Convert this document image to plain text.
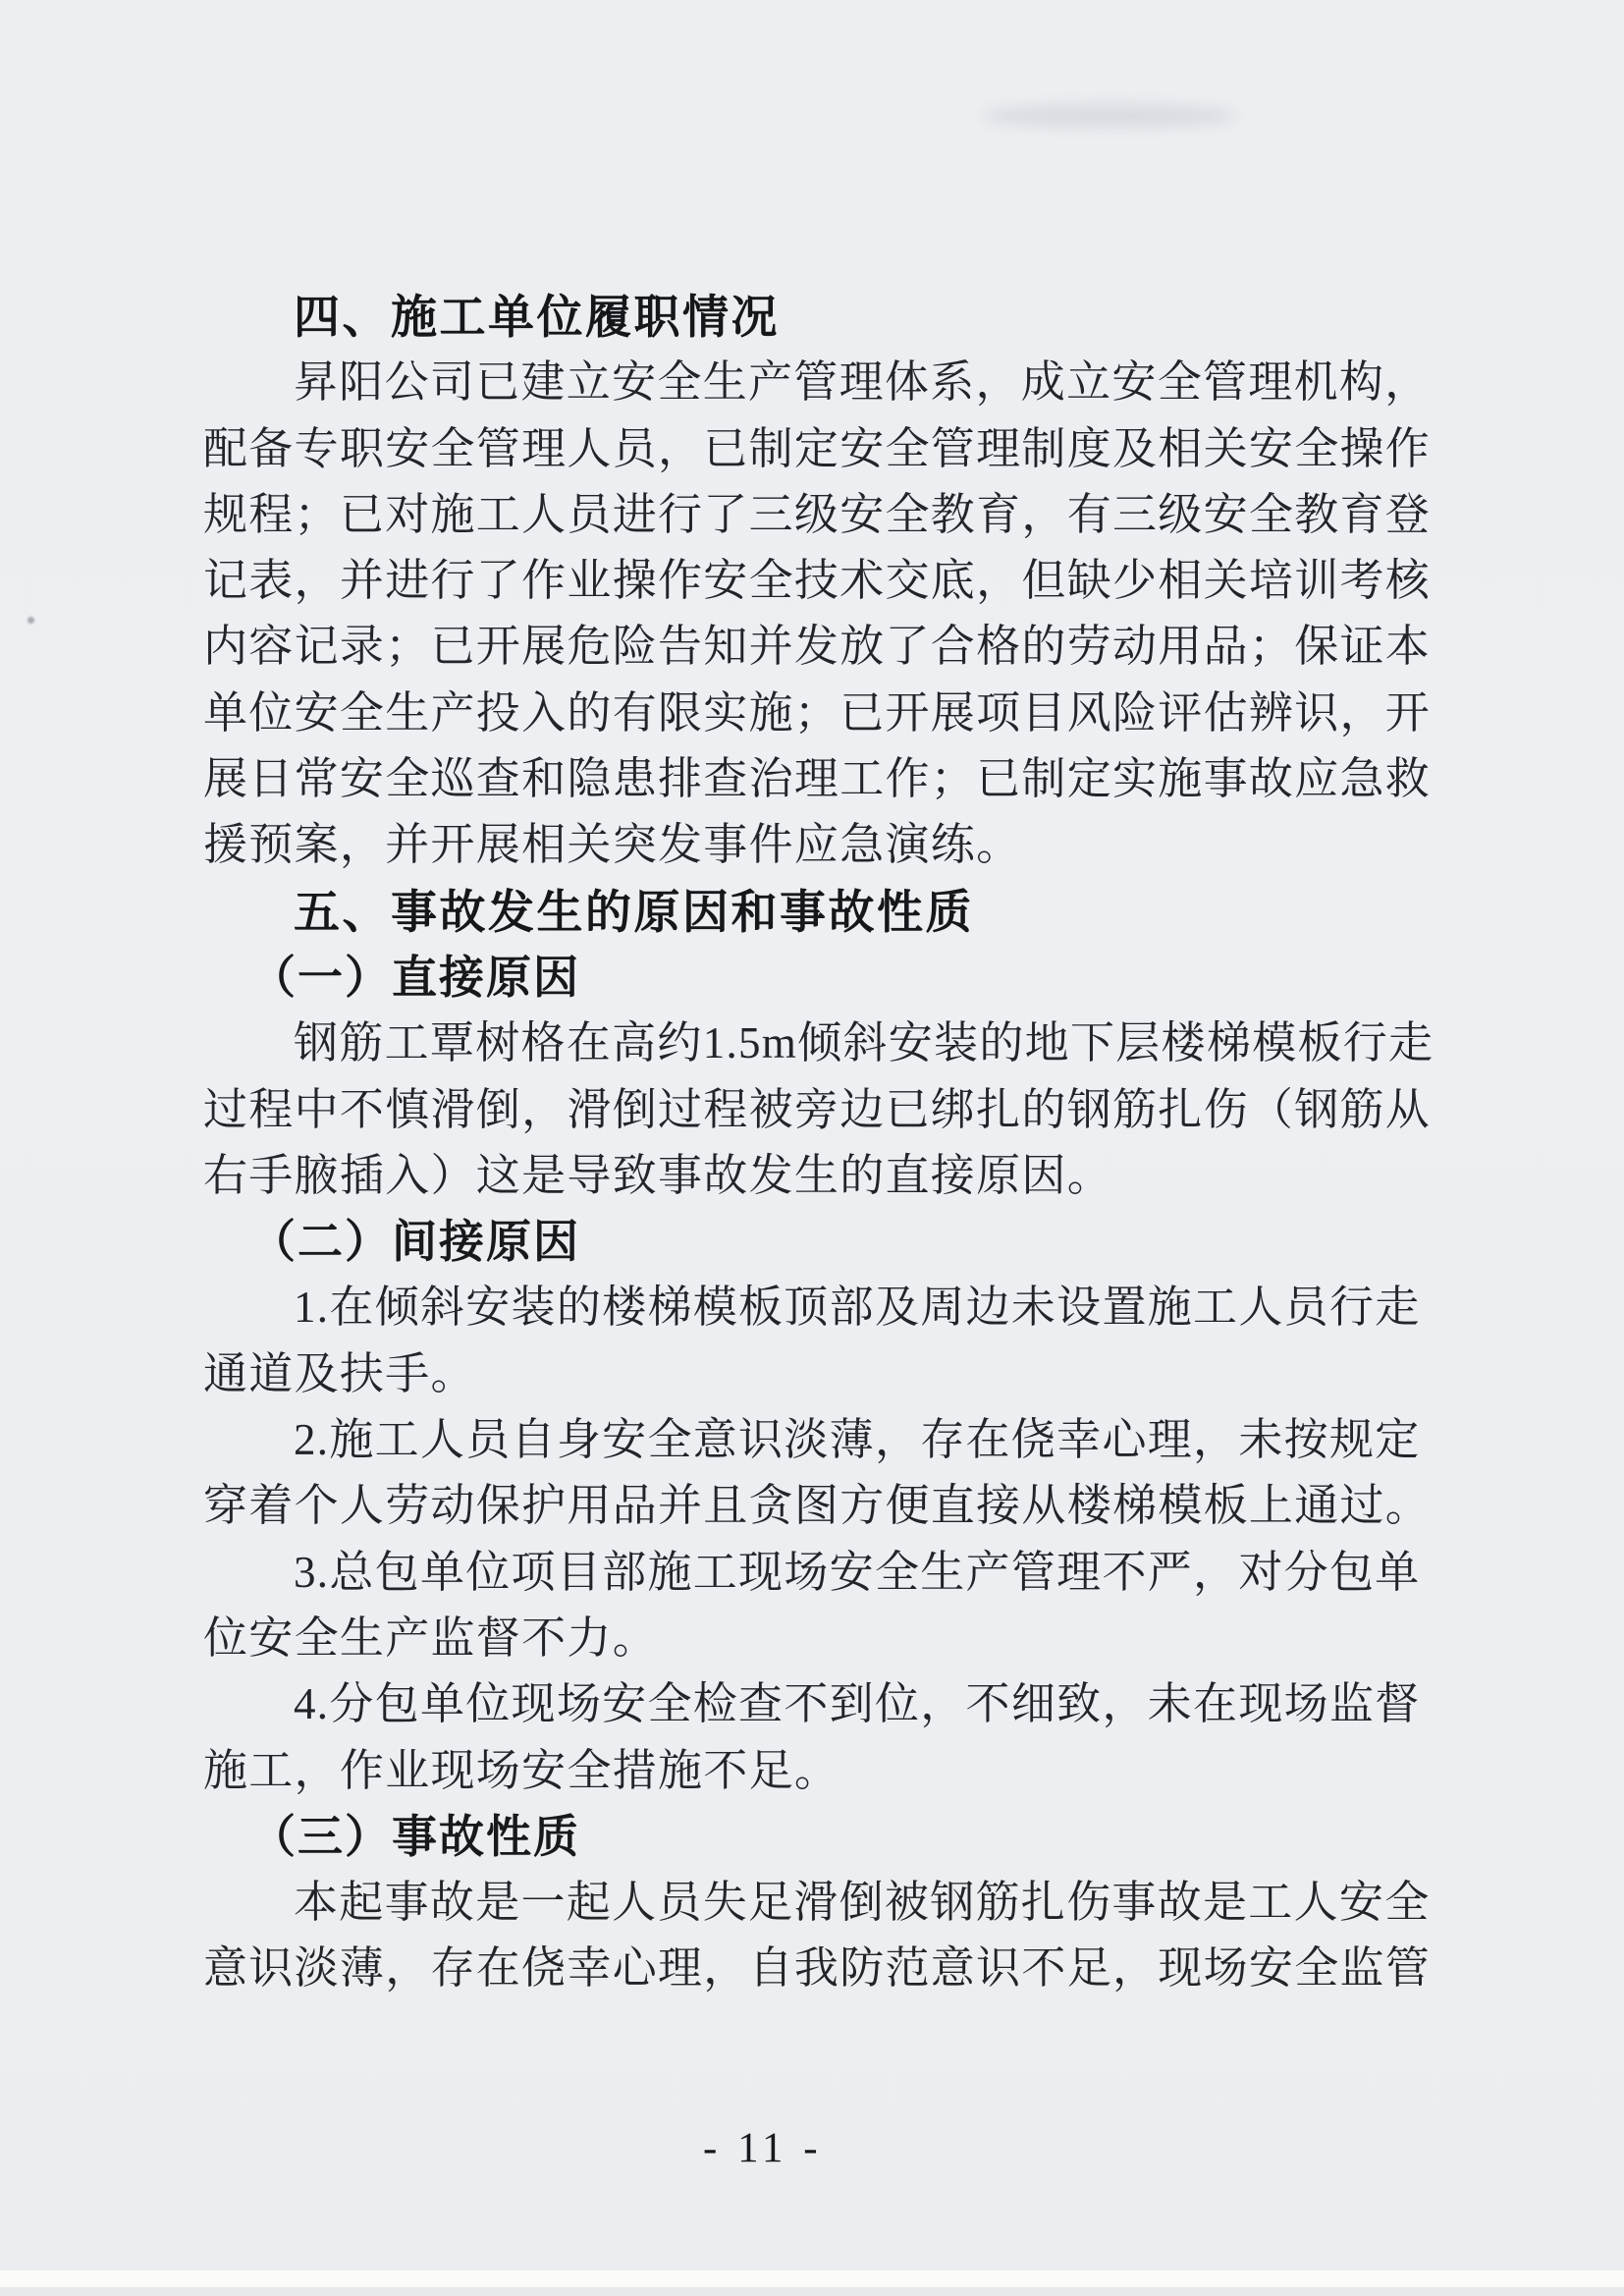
四、施工单位履职情况
昇阳公司已建立安全生产管理体系，成立安全管理机构，
配备专职安全管理人员，已制定安全管理制度及相关安全操作
规程；已对施工人员进行了三级安全教育，有三级安全教育登
记表，并进行了作业操作安全技术交底，但缺少相关培训考核
内容记录；已开展危险告知并发放了合格的劳动用品；保证本
单位安全生产投入的有限实施；已开展项目风险评估辨识，开
展日常安全巡查和隐患排查治理工作；已制定实施事故应急救
援预案，并开展相关突发事件应急演练。
五、事故发生的原因和事故性质
（一）直接原因
钢筋工覃树格在高约1.5m倾斜安装的地下层楼梯模板行走
过程中不慎滑倒，滑倒过程被旁边已绑扎的钢筋扎伤（钢筋从
右手腋插入）这是导致事故发生的直接原因。
（二）间接原因
1.在倾斜安装的楼梯模板顶部及周边未设置施工人员行走
通道及扶手。
2.施工人员自身安全意识淡薄，存在侥幸心理，未按规定
穿着个人劳动保护用品并且贪图方便直接从楼梯模板上通过。
3.总包单位项目部施工现场安全生产管理不严，对分包单
位安全生产监督不力。
4.分包单位现场安全检查不到位，不细致，未在现场监督
施工，作业现场安全措施不足。
（三）事故性质
本起事故是一起人员失足滑倒被钢筋扎伤事故是工人安全
意识淡薄，存在侥幸心理，自我防范意识不足，现场安全监管
- 11 -
